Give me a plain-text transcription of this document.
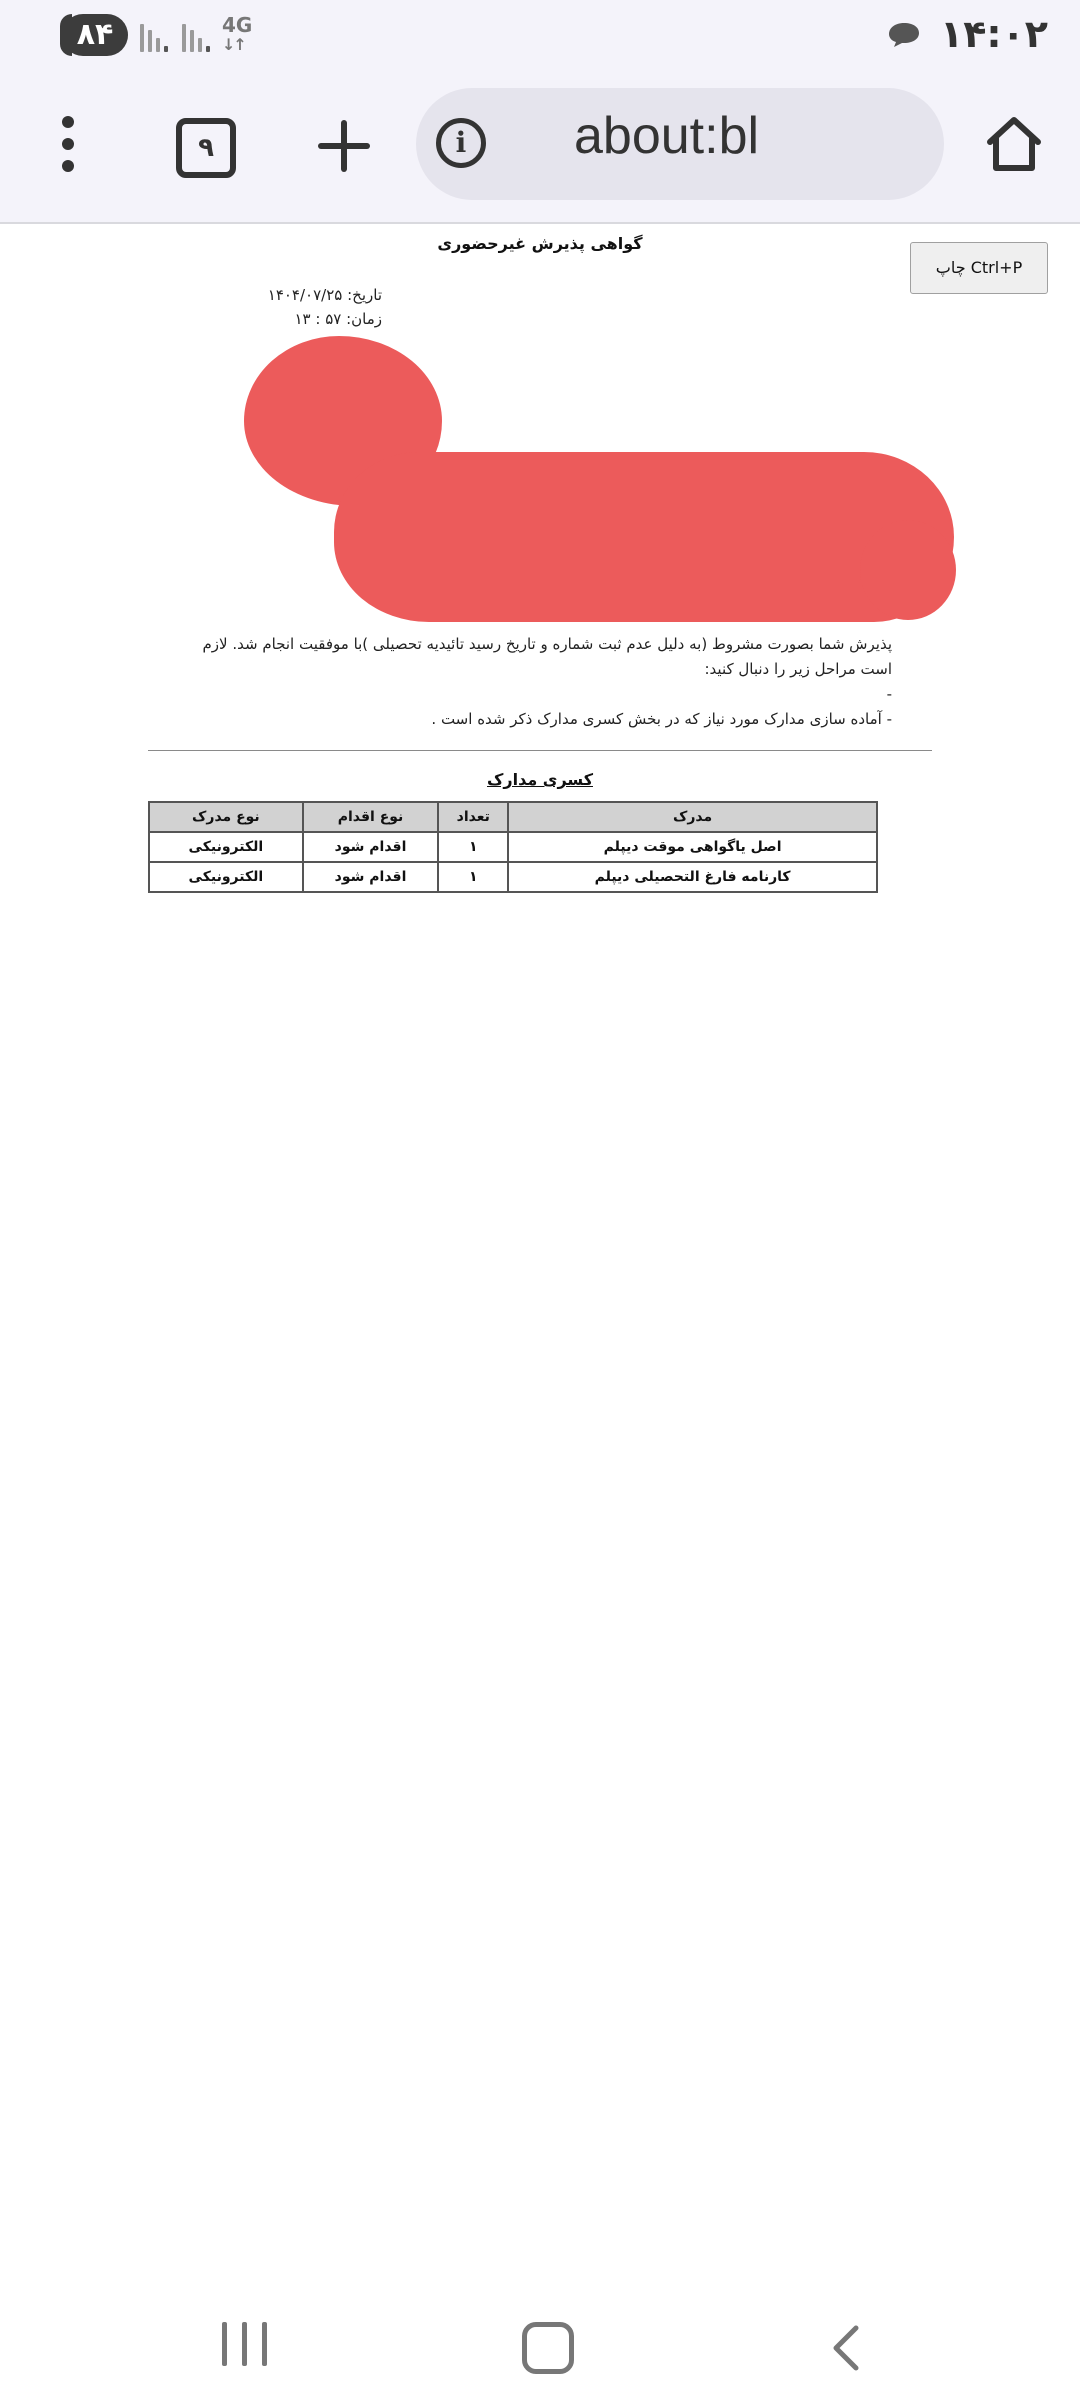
۸۴	4G
↓↑	۱۴:۰۲
۹	i	about:bl
چاپ Ctrl+P
گواهی پذیرش غیرحضوری
تاریخ: ۱۴۰۴/۰۷/۲۵
زمان: ۵۷ : ۱۳
پذیرش شما بصورت مشروط (به دلیل عدم ثبت شماره و تاریخ رسید تائیدیه تحصیلی )با موفقیت انجام شد. لازم است مراحل زیر را دنبال کنید:
-
- آماده سازی مدارک مورد نیاز که در بخش کسری مدارک ذکر شده است .
کسری مدارک
مدرک	تعداد	نوع اقدام	نوع مدرک
اصل یاگواهی موقت دیپلم	۱	اقدام شود	الکترونیکی
کارنامه فارغ التحصیلی دیپلم	۱	اقدام شود	الکترونیکی
